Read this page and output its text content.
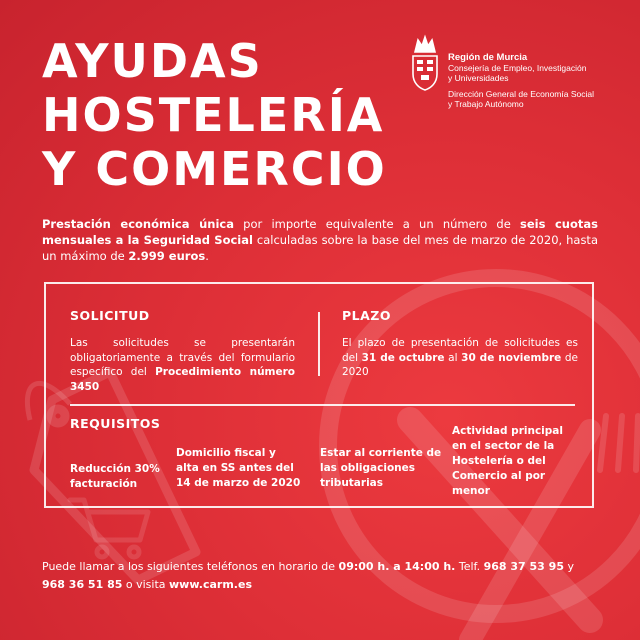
AYUDAS
HOSTELERÍA
Y COMERCIO
Región de Murcia
Consejería de Empleo, Investigación
y Universidades
Dirección General de Economía Social
y Trabajo Autónomo

Prestación económica única por importe equivalente a un número de seis cuotas mensuales a la Seguridad Social calculadas sobre la base del mes de marzo de 2020, hasta un máximo de 2.999 euros.

SOLICITUD
Las solicitudes se presentarán obligatoriamente a través del formulario específico del Procedimiento número 3450
PLAZO
El plazo de presentación de solicitudes es del 31 de octubre al 30 de noviembre de 2020
REQUISITOS
Reducción 30%
facturación
Domicilio fiscal y
alta en SS antes del
14 de marzo de 2020
Estar al corriente de
las obligaciones
tributarias
Actividad principal
en el sector de la
Hostelería o del
Comercio al por
menor

Puede llamar a los siguientes teléfonos en horario de 09:00 h. a 14:00 h. Telf. 968 37 53 95 y 968 36 51 85 o visita www.carm.es
